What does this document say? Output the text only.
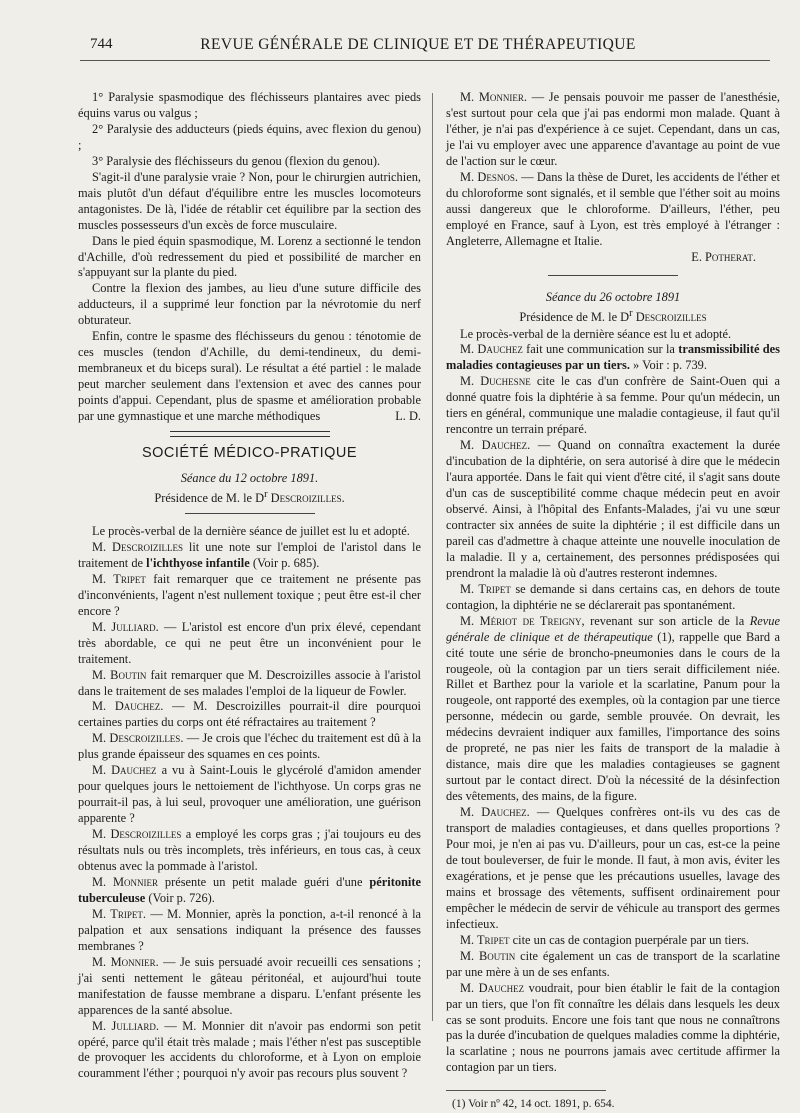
744	REVUE GÉNÉRALE DE CLINIQUE ET DE THÉRAPEUTIQUE

1° Paralysie spasmodique des fléchisseurs plantaires avec pieds équins varus ou valgus ;

2° Paralysie des adducteurs (pieds équins, avec flexion du genou) ;

3° Paralysie des fléchisseurs du genou (flexion du genou).

S'agit-il d'une paralysie vraie ? Non, pour le chirurgien autrichien, mais plutôt d'un défaut d'équilibre entre les muscles locomoteurs antagonistes. De là, l'idée de rétablir cet équilibre par la section des muscles possesseurs d'un excès de force musculaire.

Dans le pied équin spasmodique, M. Lorenz a sectionné le tendon d'Achille, d'où redressement du pied et possibilité de marcher en s'appuyant sur la plante du pied.

Contre la flexion des jambes, au lieu d'une suture difficile des adducteurs, il a supprimé leur fonction par la névrotomie du nerf obturateur.

Enfin, contre le spasme des fléchisseurs du genou : ténotomie de ces muscles (tendon d'Achille, du demi-tendineux, du demi-membraneux et du biceps sural). Le résultat a été partiel : le malade peut marcher seulement dans l'extension et avec des cannes pour points d'appui. Cependant, plus de spasme et amélioration probable par une gymnastique et une marche méthodiques	L. D.

SOCIÉTÉ MÉDICO-PRATIQUE

Séance du 12 octobre 1891.

Présidence de M. le $D^r$ Descroizilles.

Le procès-verbal de la dernière séance de juillet est lu et adopté.

M. Descroizilles lit une note sur l'emploi de l'aristol dans le traitement de l'ichthyose infantile (Voir p. 685).

M. Tripet fait remarquer que ce traitement ne présente pas d'inconvénients, l'agent n'est nullement toxique ; peut être est-il cher encore ?

M. Julliard. — L'aristol est encore d'un prix élevé, cependant très abordable, ce qui ne peut être un inconvénient pour le traitement.

M. Boutin fait remarquer que M. Descroizilles associe à l'aristol dans le traitement de ses malades l'emploi de la liqueur de Fowler.

M. Dauchez. — M. Descroizilles pourrait-il dire pourquoi certaines parties du corps ont été réfractaires au traitement ?

M. Descroizilles. — Je crois que l'échec du traitement est dû à la plus grande épaisseur des squames en ces points.

M. Dauchez a vu à Saint-Louis le glycérolé d'amidon amender pour quelques jours le nettoiement de l'ichthyose. Un corps gras ne pourrait-il pas, à lui seul, provoquer une amélioration, une guérison apparente ?

M. Descroizilles a employé les corps gras ; j'ai toujours eu des résultats nuls ou très incomplets, très inférieurs, en tous cas, à ceux obtenus avec la pommade à l'aristol.

M. Monnier présente un petit malade guéri d'une péritonite tuberculeuse (Voir p. 726).

M. Tripet. — M. Monnier, après la ponction, a-t-il renoncé à la palpation et aux sensations indiquant la présence des fausses membranes ?

M. Monnier. — Je suis persuadé avoir recueilli ces sensations ; j'ai senti nettement le gâteau péritonéal, et aujourd'hui toute manifestation de fausse membrane a disparu. L'enfant présente les apparences de la santé absolue.

M. Julliard. — M. Monnier dit n'avoir pas endormi son petit opéré, parce qu'il était très malade ; mais l'éther n'est pas susceptible de provoquer les accidents du chloroforme, et à Lyon on emploie couramment l'éther ; pourquoi n'y avoir pas recours plus souvent ?

M. Monnier. — Je pensais pouvoir me passer de l'anesthésie, s'est surtout pour cela que j'ai pas endormi mon malade. Quant à l'éther, je n'ai pas d'expérience à ce sujet. Cependant, dans un cas, je l'ai vu employer avec une apparence d'avantage au point de vue de l'action sur le cœur.

M. Desnos. — Dans la thèse de Duret, les accidents de l'éther et du chloroforme sont signalés, et il semble que l'éther soit au moins aussi dangereux que le chloroforme. D'ailleurs, l'éther, peu employé en France, sauf à Lyon, est très employé à l'étranger : Angleterre, Allemagne et Italie.

E. Potherat.

Séance du 26 octobre 1891

Présidence de M. le $D^r$ Descroizilles

Le procès-verbal de la dernière séance est lu et adopté.

M. Dauchez fait une communication sur la transmissibilité des maladies contagieuses par un tiers. » Voir : p. 739.

M. Duchesne cite le cas d'un confrère de Saint-Ouen qui a donné quatre fois la diphtérie à sa femme. Pour qu'un médecin, un tiers en général, communique une maladie contagieuse, il faut qu'il rencontre un terrain préparé.

M. Dauchez. — Quand on connaîtra exactement la durée d'incubation de la diphtérie, on sera autorisé à dire que le médecin l'aura apportée. Dans le fait qui vient d'être cité, il s'agit sans doute d'un cas de susceptibilité comme chaque médecin peut en avoir observé. Ainsi, à l'hôpital des Enfants-Malades, j'ai vu une sœur contracter six années de suite la diphtérie ; il est difficile dans un pareil cas d'admettre à chaque atteinte une nouvelle inoculation de la maladie. Il y a, certainement, des personnes prédisposées qui prendront la maladie là où d'autres resteront indemnes.

M. Tripet se demande si dans certains cas, en dehors de toute contagion, la diphtérie ne se déclarerait pas spontanément.

M. Mériot de Treigny, revenant sur son article de la Revue générale de clinique et de thérapeutique (1), rappelle que Bard a cité toute une série de broncho-pneumonies dans le cours de la rougeole, où la contagion par un tiers serait difficilement niée. Rillet et Barthez pour la variole et la scarlatine, Panum pour la rougeole, ont rapporté des exemples, où la contagion par une tierce personne, médecin ou garde, semble prouvée. On devrait, les médecins devraient indiquer aux familles, l'importance des soins de propreté, ne pas nier les faits de transport de la maladie à distance, mais dire que les maladies contagieuses se gagnent surtout par le contact direct. D'où la nécessité de la désinfection des vêtements, des mains, de la figure.

M. Dauchez. — Quelques confrères ont-ils vu des cas de transport de maladies contagieuses, et dans quelles proportions ? Pour moi, je n'en ai pas vu. D'ailleurs, pour un cas, est-ce la peine de tout bouleverser, de fuir le monde. Il faut, à mon avis, éviter les exagérations, et je pense que les précautions usuelles, lavage des mains et brossage des vêtements, suffisent ordinairement pour empêcher le médecin de servir de véhicule au transport des germes infectieux.

M. Tripet cite un cas de contagion puerpérale par un tiers.

M. Boutin cite également un cas de transport de la scarlatine par une mère à un de ses enfants.

M. Dauchez voudrait, pour bien établir le fait de la contagion par un tiers, que l'on fît connaître les délais dans lesquels les deux cas se sont produits. Encore une fois tant que nous ne connaîtrons pas la durée d'incubation de quelques maladies comme la diphtérie, la scarlatine ; nous ne pourrons jamais avec certitude affirmer la contagion par un tiers.

(1) Voir nº 42, 14 oct. 1891, p. 654.
